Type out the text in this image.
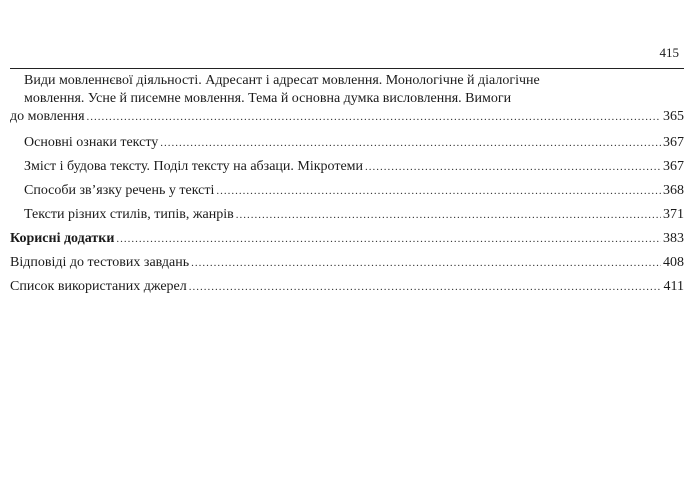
415
Види мовленнєвої діяльності. Адресант і адресат мовлення. Монологічне й діалогічне
мовлення. Усне й писемне мовлення. Тема й основна думка висловлення. Вимоги
до мовлення .....	365
Основні ознаки тексту .....	367
Зміст і будова тексту. Поділ тексту на абзаци. Мікротеми .....	367
Способи зв’язку речень у тексті .....	368
Тексти різних стилів, типів, жанрів .....	371
Корисні додатки .....	383
Відповіді до тестових завдань .....	408
Список використаних джерел .....	411
